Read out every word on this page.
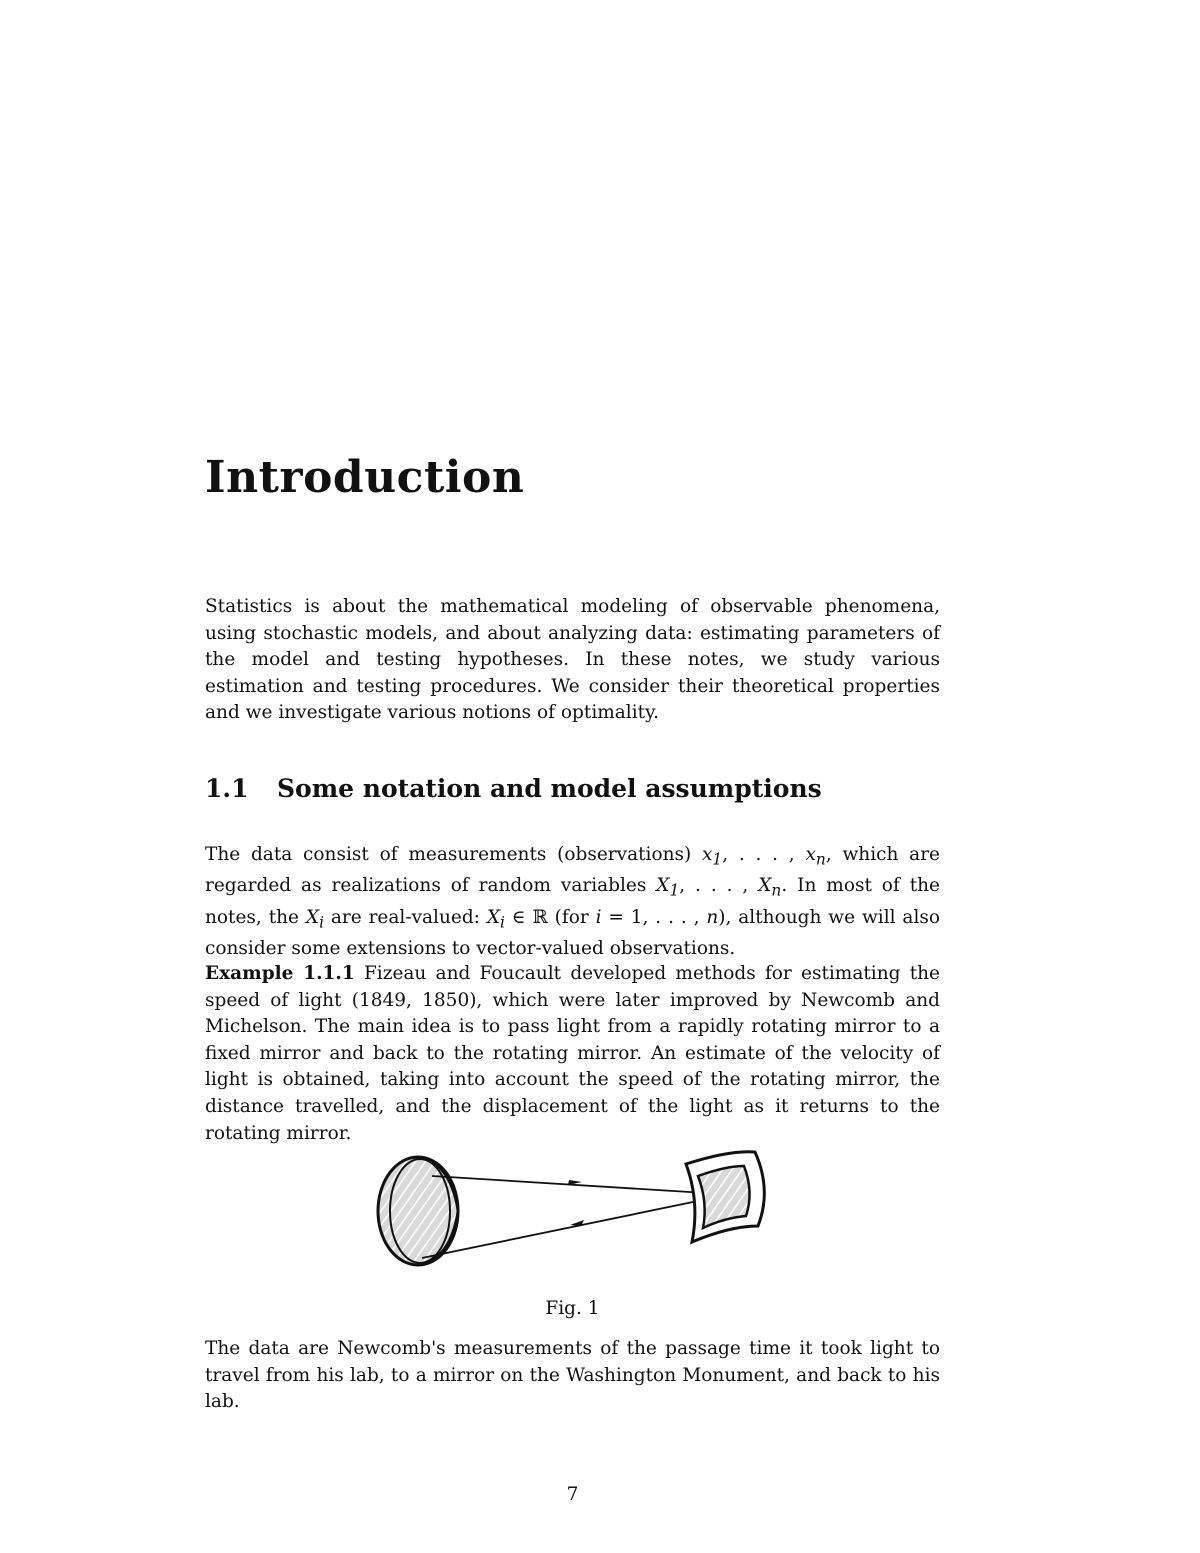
Introduction

Statistics is about the mathematical modeling of observable phenomena, using stochastic models, and about analyzing data: estimating parameters of the model and testing hypotheses. In these notes, we study various estimation and testing procedures. We consider their theoretical properties and we investigate various notions of optimality.

1.1 Some notation and model assumptions

The data consist of measurements (observations) $x_1$, . . . , $x_n$, which are regarded as realizations of random variables $X_1$, . . . , $X_n$. In most of the notes, the $X_i$ are real-valued: $X_i$ ∈ ℝ (for i = 1, . . . , n), although we will also consider some extensions to vector-valued observations.

Example 1.1.1 Fizeau and Foucault developed methods for estimating the speed of light (1849, 1850), which were later improved by Newcomb and Michelson. The main idea is to pass light from a rapidly rotating mirror to a fixed mirror and back to the rotating mirror. An estimate of the velocity of light is obtained, taking into account the speed of the rotating mirror, the distance travelled, and the displacement of the light as it returns to the rotating mirror.

Fig. 1

The data are Newcomb's measurements of the passage time it took light to travel from his lab, to a mirror on the Washington Monument, and back to his lab.

7
